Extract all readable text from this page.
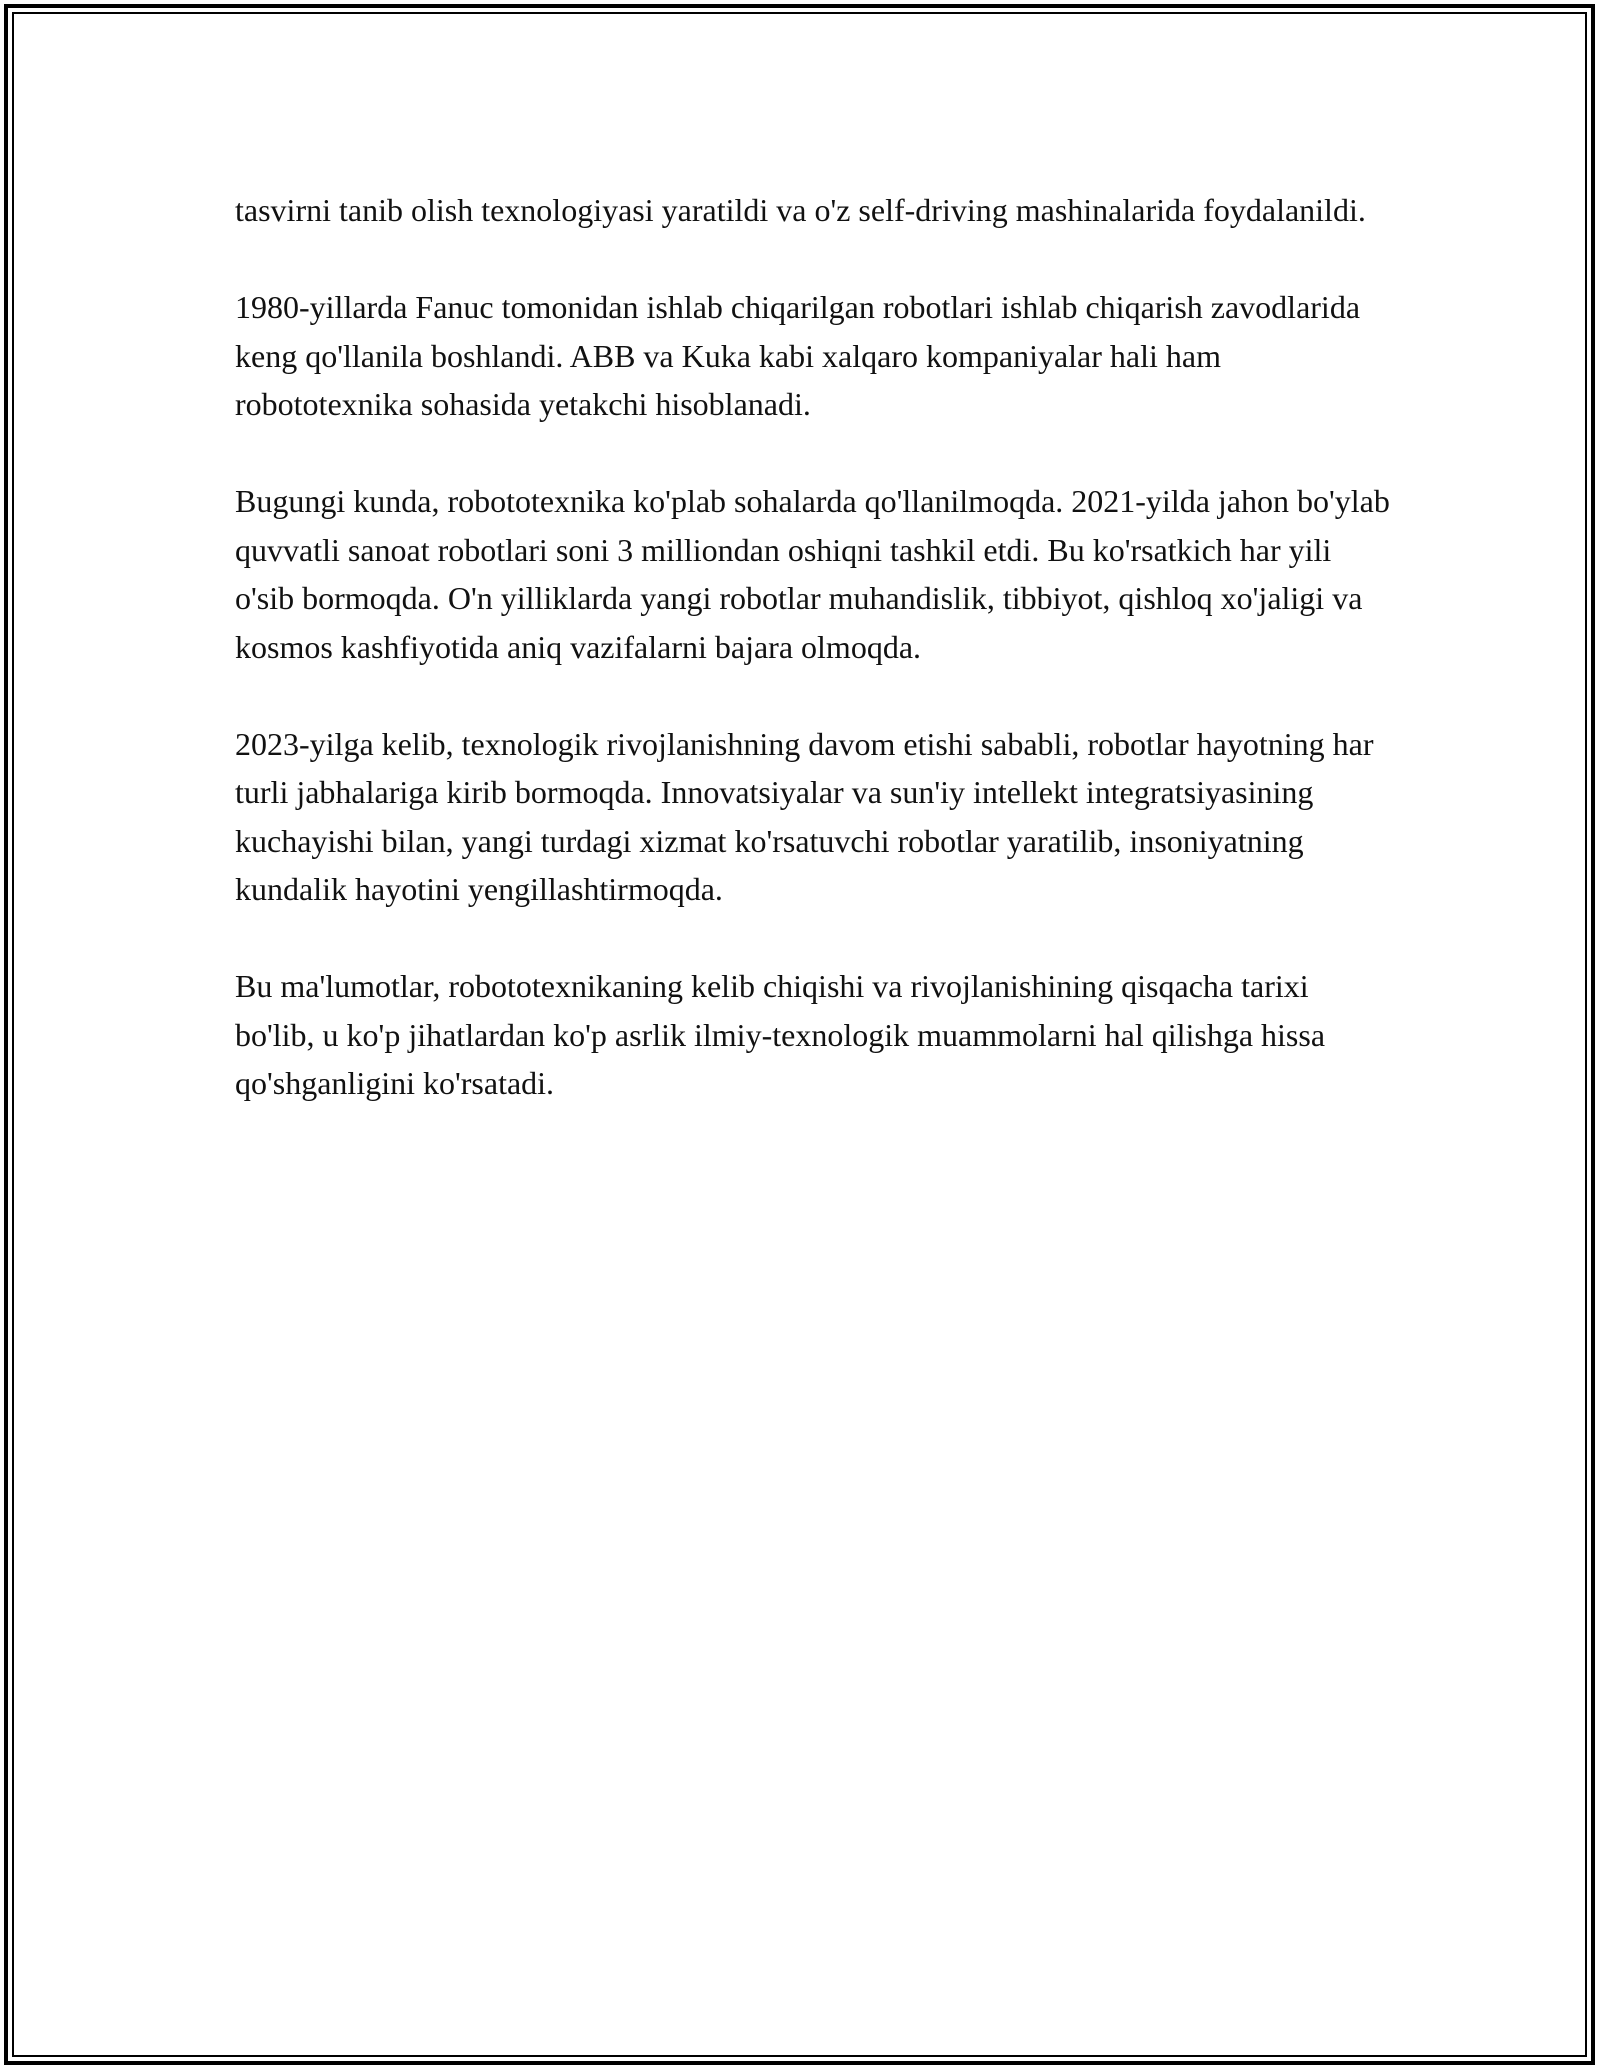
tasvirni tanib olish texnologiyasi yaratildi va o'z self-driving mashinalarida foydalanildi.

1980-yillarda Fanuc tomonidan ishlab chiqarilgan robotlari ishlab chiqarish zavodlarida keng qo'llanila boshlandi. ABB va Kuka kabi xalqaro kompaniyalar hali ham robototexnika sohasida yetakchi hisoblanadi.

Bugungi kunda, robototexnika ko'plab sohalarda qo'llanilmoqda. 2021-yilda jahon bo'ylab quvvatli sanoat robotlari soni 3 milliondan oshiqni tashkil etdi. Bu ko'rsatkich har yili o'sib bormoqda. O'n yilliklarda yangi robotlar muhandislik, tibbiyot, qishloq xo'jaligi va kosmos kashfiyotida aniq vazifalarni bajara olmoqda.

2023-yilga kelib, texnologik rivojlanishning davom etishi sababli, robotlar hayotning har turli jabhalariga kirib bormoqda. Innovatsiyalar va sun'iy intellekt integratsiyasining kuchayishi bilan, yangi turdagi xizmat ko'rsatuvchi robotlar yaratilib, insoniyatning kundalik hayotini yengillashtirmoqda.

Bu ma'lumotlar, robototexnikaning kelib chiqishi va rivojlanishining qisqacha tarixi bo'lib, u ko'p jihatlardan ko'p asrlik ilmiy-texnologik muammolarni hal qilishga hissa qo'shganligini ko'rsatadi.
